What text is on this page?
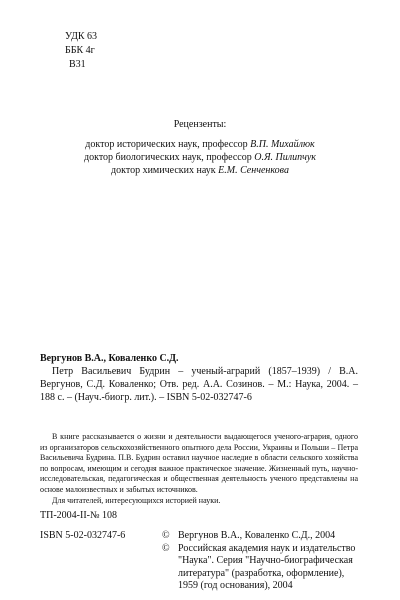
УДК 63
ББК 4г
В31
Рецензенты:
доктор исторических наук, профессор В.П. Михайлюк
доктор биологических наук, профессор О.Я. Пилипчук
доктор химических наук Е.М. Сенченкова
Вергунов В.А., Коваленко С.Д.
Петр Васильевич Будрин – ученый-аграрий (1857–1939) / В.А. Вергунов, С.Д. Коваленко; Отв. ред. А.А. Созинов. – М.: Наука, 2004. – 188 с. – (Науч.-биогр. лит.). – ISBN 5-02-032747-6

В книге рассказывается о жизни и деятельности выдающегося ученого-агрария, одного из организаторов сельскохозяйственного опытного дела России, Украины и Польши – Петра Васильевича Будрина. П.В. Будрин оставил научное наследие в области сельского хозяйства по вопросам, имеющим и сегодня важное практическое значение. Жизненный путь, научно-исследовательская, педагогическая и общественная деятельность ученого представлены на основе малоизвестных и забытых источников.

Для читателей, интересующихся историей науки.

ТП-2004-II-№ 108
ISBN 5-02-032747-6	© Вергунов В.А., Коваленко С.Д., 2004
© Российская академия наук и издательство "Наука". Серия "Научно-биографическая литература" (разработка, оформление), 1959 (год основания), 2004
